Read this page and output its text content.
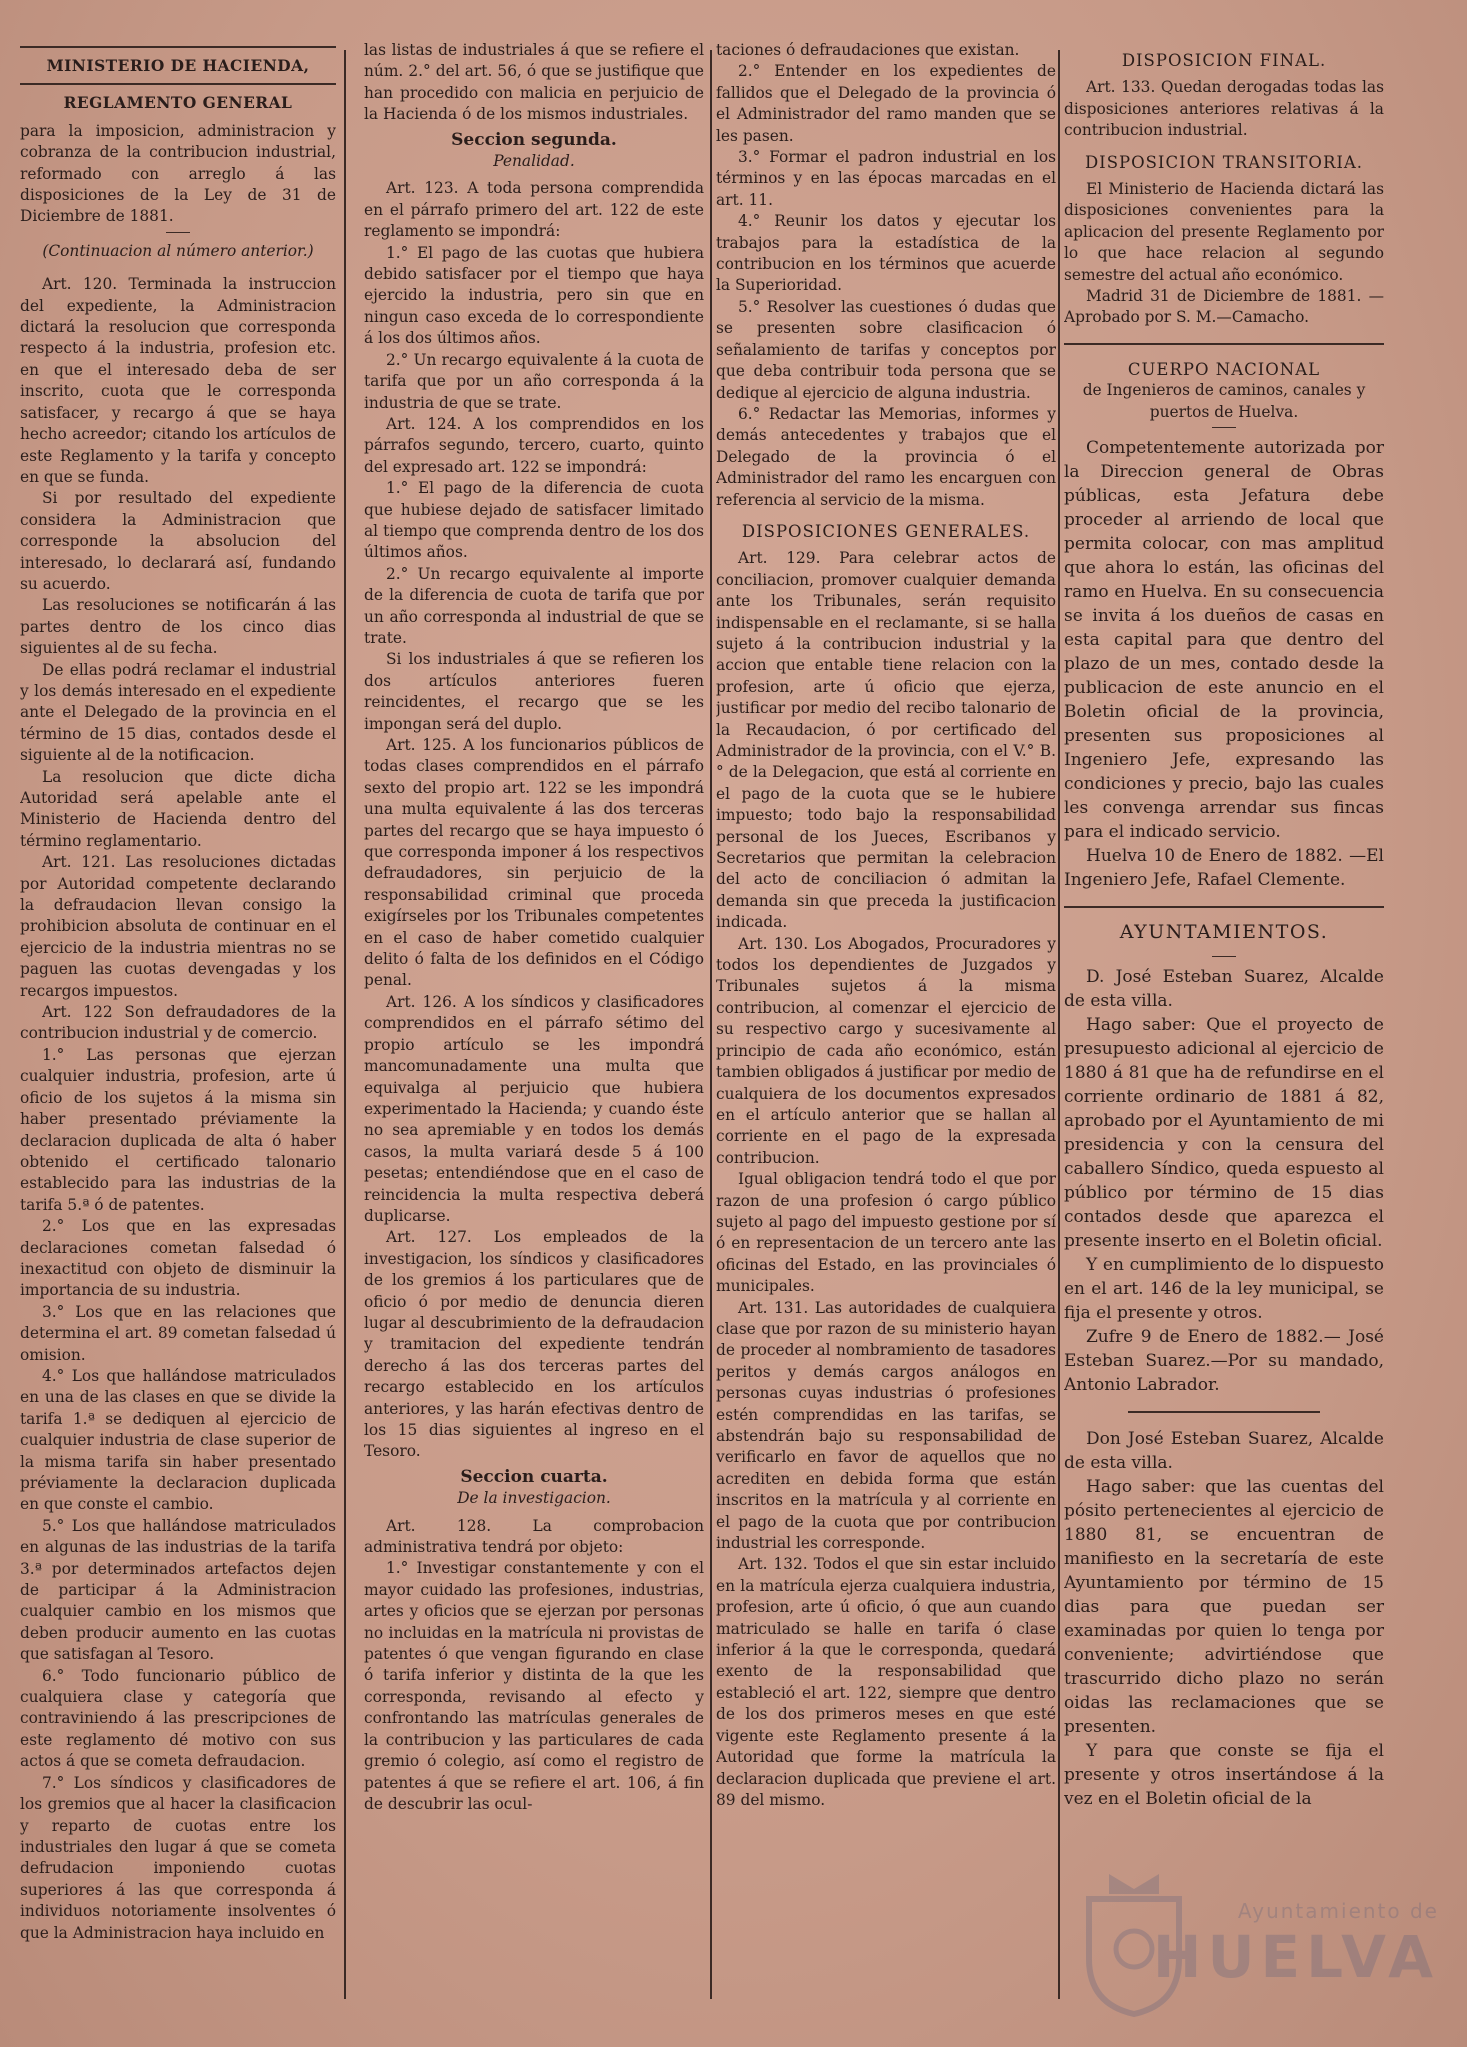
MINISTERIO DE HACIENDA,
REGLAMENTO GENERAL

para la imposicion, administracion y cobranza de la contribucion industrial, reformado con arreglo á las disposiciones de la Ley de 31 de Diciembre de 1881.

(Continuacion al número anterior.)

Art. 120. Terminada la instruccion del expediente, la Administracion dictará la resolucion que corresponda respecto á la industria, profesion etc. en que el interesado deba de ser inscrito, cuota que le corresponda satisfacer, y recargo á que se haya hecho acreedor; citando los artículos de este Reglamento y la tarifa y concepto en que se funda.

Si por resultado del expediente considera la Administracion que corresponde la absolucion del interesado, lo declarará así, fundando su acuerdo.

Las resoluciones se notificarán á las partes dentro de los cinco dias siguientes al de su fecha.

De ellas podrá reclamar el industrial y los demás interesado en el expediente ante el Delegado de la provincia en el término de 15 dias, contados desde el siguiente al de la notificacion.

La resolucion que dicte dicha Autoridad será apelable ante el Ministerio de Hacienda dentro del término reglamentario.

Art. 121. Las resoluciones dictadas por Autoridad competente declarando la defraudacion llevan consigo la prohibicion absoluta de continuar en el ejercicio de la industria mientras no se paguen las cuotas devengadas y los recargos impuestos.

Art. 122 Son defraudadores de la contribucion industrial y de comercio.

1.° Las personas que ejerzan cualquier industria, profesion, arte ú oficio de los sujetos á la misma sin haber presentado préviamente la declaracion duplicada de alta ó haber obtenido el certificado talonario establecido para las industrias de la tarifa 5.ª ó de patentes.

2.° Los que en las expresadas declaraciones cometan falsedad ó inexactitud con objeto de disminuir la importancia de su industria.

3.° Los que en las relaciones que determina el art. 89 cometan falsedad ú omision.

4.° Los que hallándose matriculados en una de las clases en que se divide la tarifa 1.ª se dediquen al ejercicio de cualquier industria de clase superior de la misma tarifa sin haber presentado préviamente la declaracion duplicada en que conste el cambio.

5.° Los que hallándose matriculados en algunas de las industrias de la tarifa 3.ª por determinados artefactos dejen de participar á la Administracion cualquier cambio en los mismos que deben producir aumento en las cuotas que satisfagan al Tesoro.

6.° Todo funcionario público de cualquiera clase y categoría que contraviniendo á las prescripciones de este reglamento dé motivo con sus actos á que se cometa defraudacion.

7.° Los síndicos y clasificadores de los gremios que al hacer la clasificacion y reparto de cuotas entre los industriales den lugar á que se cometa defrudacion imponiendo cuotas superiores á las que corresponda á individuos notoriamente insolventes ó que la Administracion haya incluido en

las listas de industriales á que se refiere el núm. 2.° del art. 56, ó que se justifique que han procedido con malicia en perjuicio de la Hacienda ó de los mismos industriales.

Seccion segunda.
Penalidad.

Art. 123. A toda persona comprendida en el párrafo primero del art. 122 de este reglamento se impondrá:

1.° El pago de las cuotas que hubiera debido satisfacer por el tiempo que haya ejercido la industria, pero sin que en ningun caso exceda de lo correspondiente á los dos últimos años.

2.° Un recargo equivalente á la cuota de tarifa que por un año corresponda á la industria de que se trate.

Art. 124. A los comprendidos en los párrafos segundo, tercero, cuarto, quinto del expresado art. 122 se impondrá:

1.° El pago de la diferencia de cuota que hubiese dejado de satisfacer limitado al tiempo que comprenda dentro de los dos últimos años.

2.° Un recargo equivalente al importe de la diferencia de cuota de tarifa que por un año corresponda al industrial de que se trate.

Si los industriales á que se refieren los dos artículos anteriores fueren reincidentes, el recargo que se les impongan será del duplo.

Art. 125. A los funcionarios públicos de todas clases comprendidos en el párrafo sexto del propio art. 122 se les impondrá una multa equivalente á las dos terceras partes del recargo que se haya impuesto ó que corresponda imponer á los respectivos defraudadores, sin perjuicio de la responsabilidad criminal que proceda exigírseles por los Tribunales competentes en el caso de haber cometido cualquier delito ó falta de los definidos en el Código penal.

Art. 126. A los síndicos y clasificadores comprendidos en el párrafo sétimo del propio artículo se les impondrá mancomunadamente una multa que equivalga al perjuicio que hubiera experimentado la Hacienda; y cuando éste no sea apremiable y en todos los demás casos, la multa variará desde 5 á 100 pesetas; entendiéndose que en el caso de reincidencia la multa respectiva deberá duplicarse.

Art. 127. Los empleados de la investigacion, los síndicos y clasificadores de los gremios á los particulares que de oficio ó por medio de denuncia dieren lugar al descubrimiento de la defraudacion y tramitacion del expediente tendrán derecho á las dos terceras partes del recargo establecido en los artículos anteriores, y las harán efectivas dentro de los 15 dias siguientes al ingreso en el Tesoro.

Seccion cuarta.
De la investigacion.

Art. 128. La comprobacion administrativa tendrá por objeto:

1.° Investigar constantemente y con el mayor cuidado las profesiones, industrias, artes y oficios que se ejerzan por personas no incluidas en la matrícula ni provistas de patentes ó que vengan figurando en clase ó tarifa inferior y distinta de la que les corresponda, revisando al efecto y confrontando las matrículas generales de la contribucion y las particulares de cada gremio ó colegio, así como el registro de patentes á que se refiere el art. 106, á fin de descubrir las ocul-

taciones ó defraudaciones que existan.

2.° Entender en los expedientes de fallidos que el Delegado de la provincia ó el Administrador del ramo manden que se les pasen.

3.° Formar el padron industrial en los términos y en las épocas marcadas en el art. 11.

4.° Reunir los datos y ejecutar los trabajos para la estadística de la contribucion en los términos que acuerde la Superioridad.

5.° Resolver las cuestiones ó dudas que se presenten sobre clasificacion ó señalamiento de tarifas y conceptos por que deba contribuir toda persona que se dedique al ejercicio de alguna industria.

6.° Redactar las Memorias, informes y demás antecedentes y trabajos que el Delegado de la provincia ó el Administrador del ramo les encarguen con referencia al servicio de la misma.

DISPOSICIONES GENERALES.

Art. 129. Para celebrar actos de conciliacion, promover cualquier demanda ante los Tribunales, serán requisito indispensable en el reclamante, si se halla sujeto á la contribucion industrial y la accion que entable tiene relacion con la profesion, arte ú oficio que ejerza, justificar por medio del recibo talonario de la Recaudacion, ó por certificado del Administrador de la provincia, con el V.° B.° de la Delegacion, que está al corriente en el pago de la cuota que se le hubiere impuesto; todo bajo la responsabilidad personal de los Jueces, Escribanos y Secretarios que permitan la celebracion del acto de conciliacion ó admitan la demanda sin que preceda la justificacion indicada.

Art. 130. Los Abogados, Procuradores y todos los dependientes de Juzgados y Tribunales sujetos á la misma contribucion, al comenzar el ejercicio de su respectivo cargo y sucesivamente al principio de cada año económico, están tambien obligados á justificar por medio de cualquiera de los documentos expresados en el artículo anterior que se hallan al corriente en el pago de la expresada contribucion.

Igual obligacion tendrá todo el que por razon de una profesion ó cargo público sujeto al pago del impuesto gestione por sí ó en representacion de un tercero ante las oficinas del Estado, en las provinciales ó municipales.

Art. 131. Las autoridades de cualquiera clase que por razon de su ministerio hayan de proceder al nombramiento de tasadores peritos y demás cargos análogos en personas cuyas industrias ó profesiones estén comprendidas en las tarifas, se abstendrán bajo su responsabilidad de verificarlo en favor de aquellos que no acrediten en debida forma que están inscritos en la matrícula y al corriente en el pago de la cuota que por contribucion industrial les corresponde.

Art. 132. Todos el que sin estar incluido en la matrícula ejerza cualquiera industria, profesion, arte ú oficio, ó que aun cuando matriculado se halle en tarifa ó clase inferior á la que le corresponda, quedará exento de la responsabilidad que estableció el art. 122, siempre que dentro de los dos primeros meses en que esté vigente este Reglamento presente á la Autoridad que forme la matrícula la declaracion duplicada que previene el art. 89 del mismo.

DISPOSICION FINAL.

Art. 133. Quedan derogadas todas las disposiciones anteriores relativas á la contribucion industrial.

DISPOSICION TRANSITORIA.

El Ministerio de Hacienda dictará las disposiciones convenientes para la aplicacion del presente Reglamento por lo que hace relacion al segundo semestre del actual año económico.

Madrid 31 de Diciembre de 1881. —Aprobado por S. M.—Camacho.

CUERPO NACIONAL
de Ingenieros de caminos, canales y puertos de Huelva.

Competentemente autorizada por la Direccion general de Obras públicas, esta Jefatura debe proceder al arriendo de local que permita colocar, con mas amplitud que ahora lo están, las oficinas del ramo en Huelva. En su consecuencia se invita á los dueños de casas en esta capital para que dentro del plazo de un mes, contado desde la publicacion de este anuncio en el Boletin oficial de la provincia, presenten sus proposiciones al Ingeniero Jefe, expresando las condiciones y precio, bajo las cuales les convenga arrendar sus fincas para el indicado servicio.

Huelva 10 de Enero de 1882. —El Ingeniero Jefe, Rafael Clemente.

AYUNTAMIENTOS.

D. José Esteban Suarez, Alcalde de esta villa.

Hago saber: Que el proyecto de presupuesto adicional al ejercicio de 1880 á 81 que ha de refundirse en el corriente ordinario de 1881 á 82, aprobado por el Ayuntamiento de mi presidencia y con la censura del caballero Síndico, queda espuesto al público por término de 15 dias contados desde que aparezca el presente inserto en el Boletin oficial.

Y en cumplimiento de lo dispuesto en el art. 146 de la ley municipal, se fija el presente y otros.

Zufre 9 de Enero de 1882.— José Esteban Suarez.—Por su mandado, Antonio Labrador.

Don José Esteban Suarez, Alcalde de esta villa.

Hago saber: que las cuentas del pósito pertenecientes al ejercicio de 1880 81, se encuentran de manifiesto en la secretaría de este Ayuntamiento por término de 15 dias para que puedan ser examinadas por quien lo tenga por conveniente; advirtiéndose que trascurrido dicho plazo no serán oidas las reclamaciones que se presenten.

Y para que conste se fija el presente y otros insertándose á la vez en el Boletin oficial de la

Ayuntamiento de
HUELVA
